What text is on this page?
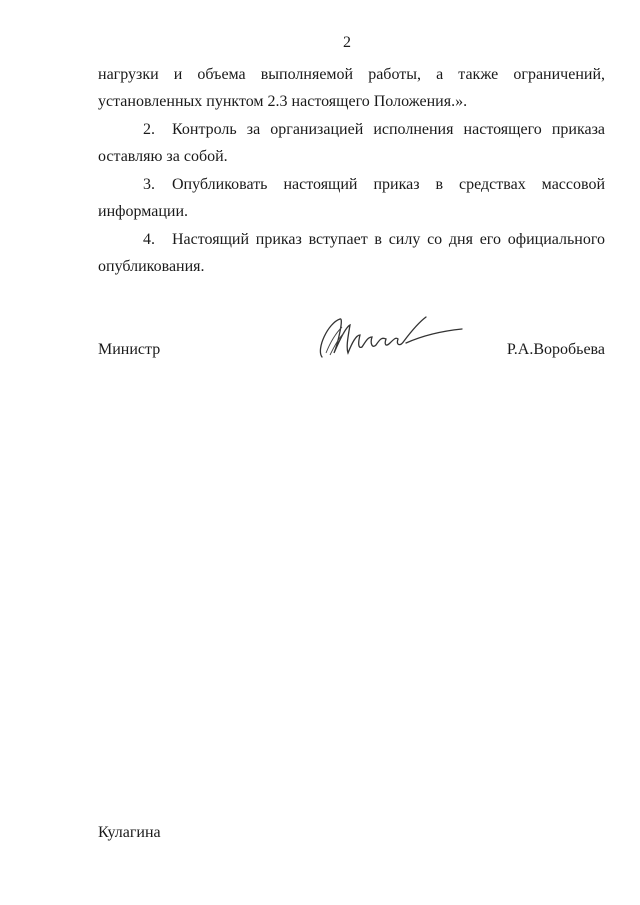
2
нагрузки и объема выполняемой работы, а также ограничений,
установленных пунктом 2.3 настоящего Положения.».
2.	Контроль за организацией исполнения настоящего приказа
оставляю за собой.
3.	Опубликовать настоящий приказ в средствах массовой
информации.
4.	Настоящий приказ вступает в силу со дня его официального
опубликования.
Министр	Р.А.Воробьева
Кулагина
